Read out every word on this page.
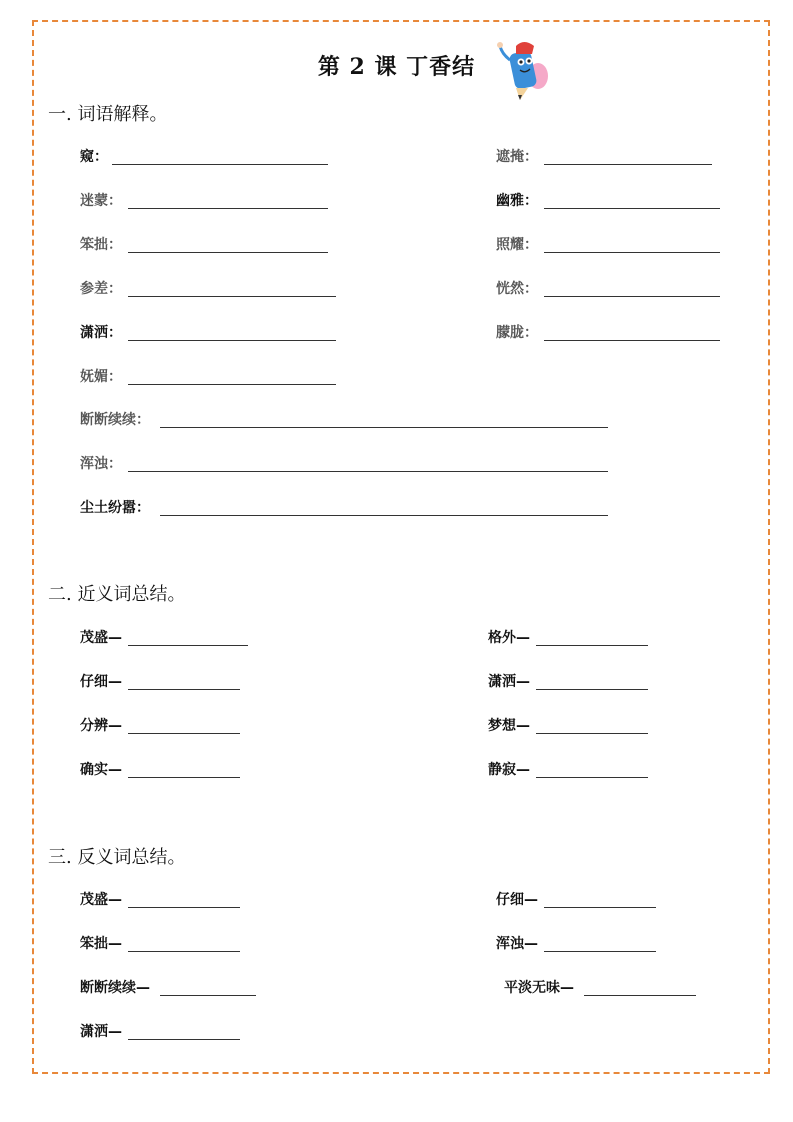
第 2 课 丁香结
一. 词语解释。
窥：	遮掩：
迷蒙：	幽雅：
笨拙：	照耀：
参差：	恍然：
潇洒：	朦胧：
妩媚：
断断续续：
浑浊：
尘土纷嚣：
二. 近义词总结。
茂盛—	格外—
仔细—	潇洒—
分辨—	梦想—
确实—	静寂—
三. 反义词总结。
茂盛—	仔细—
笨拙—	浑浊—
断断续续—	平淡无味—
潇洒—
